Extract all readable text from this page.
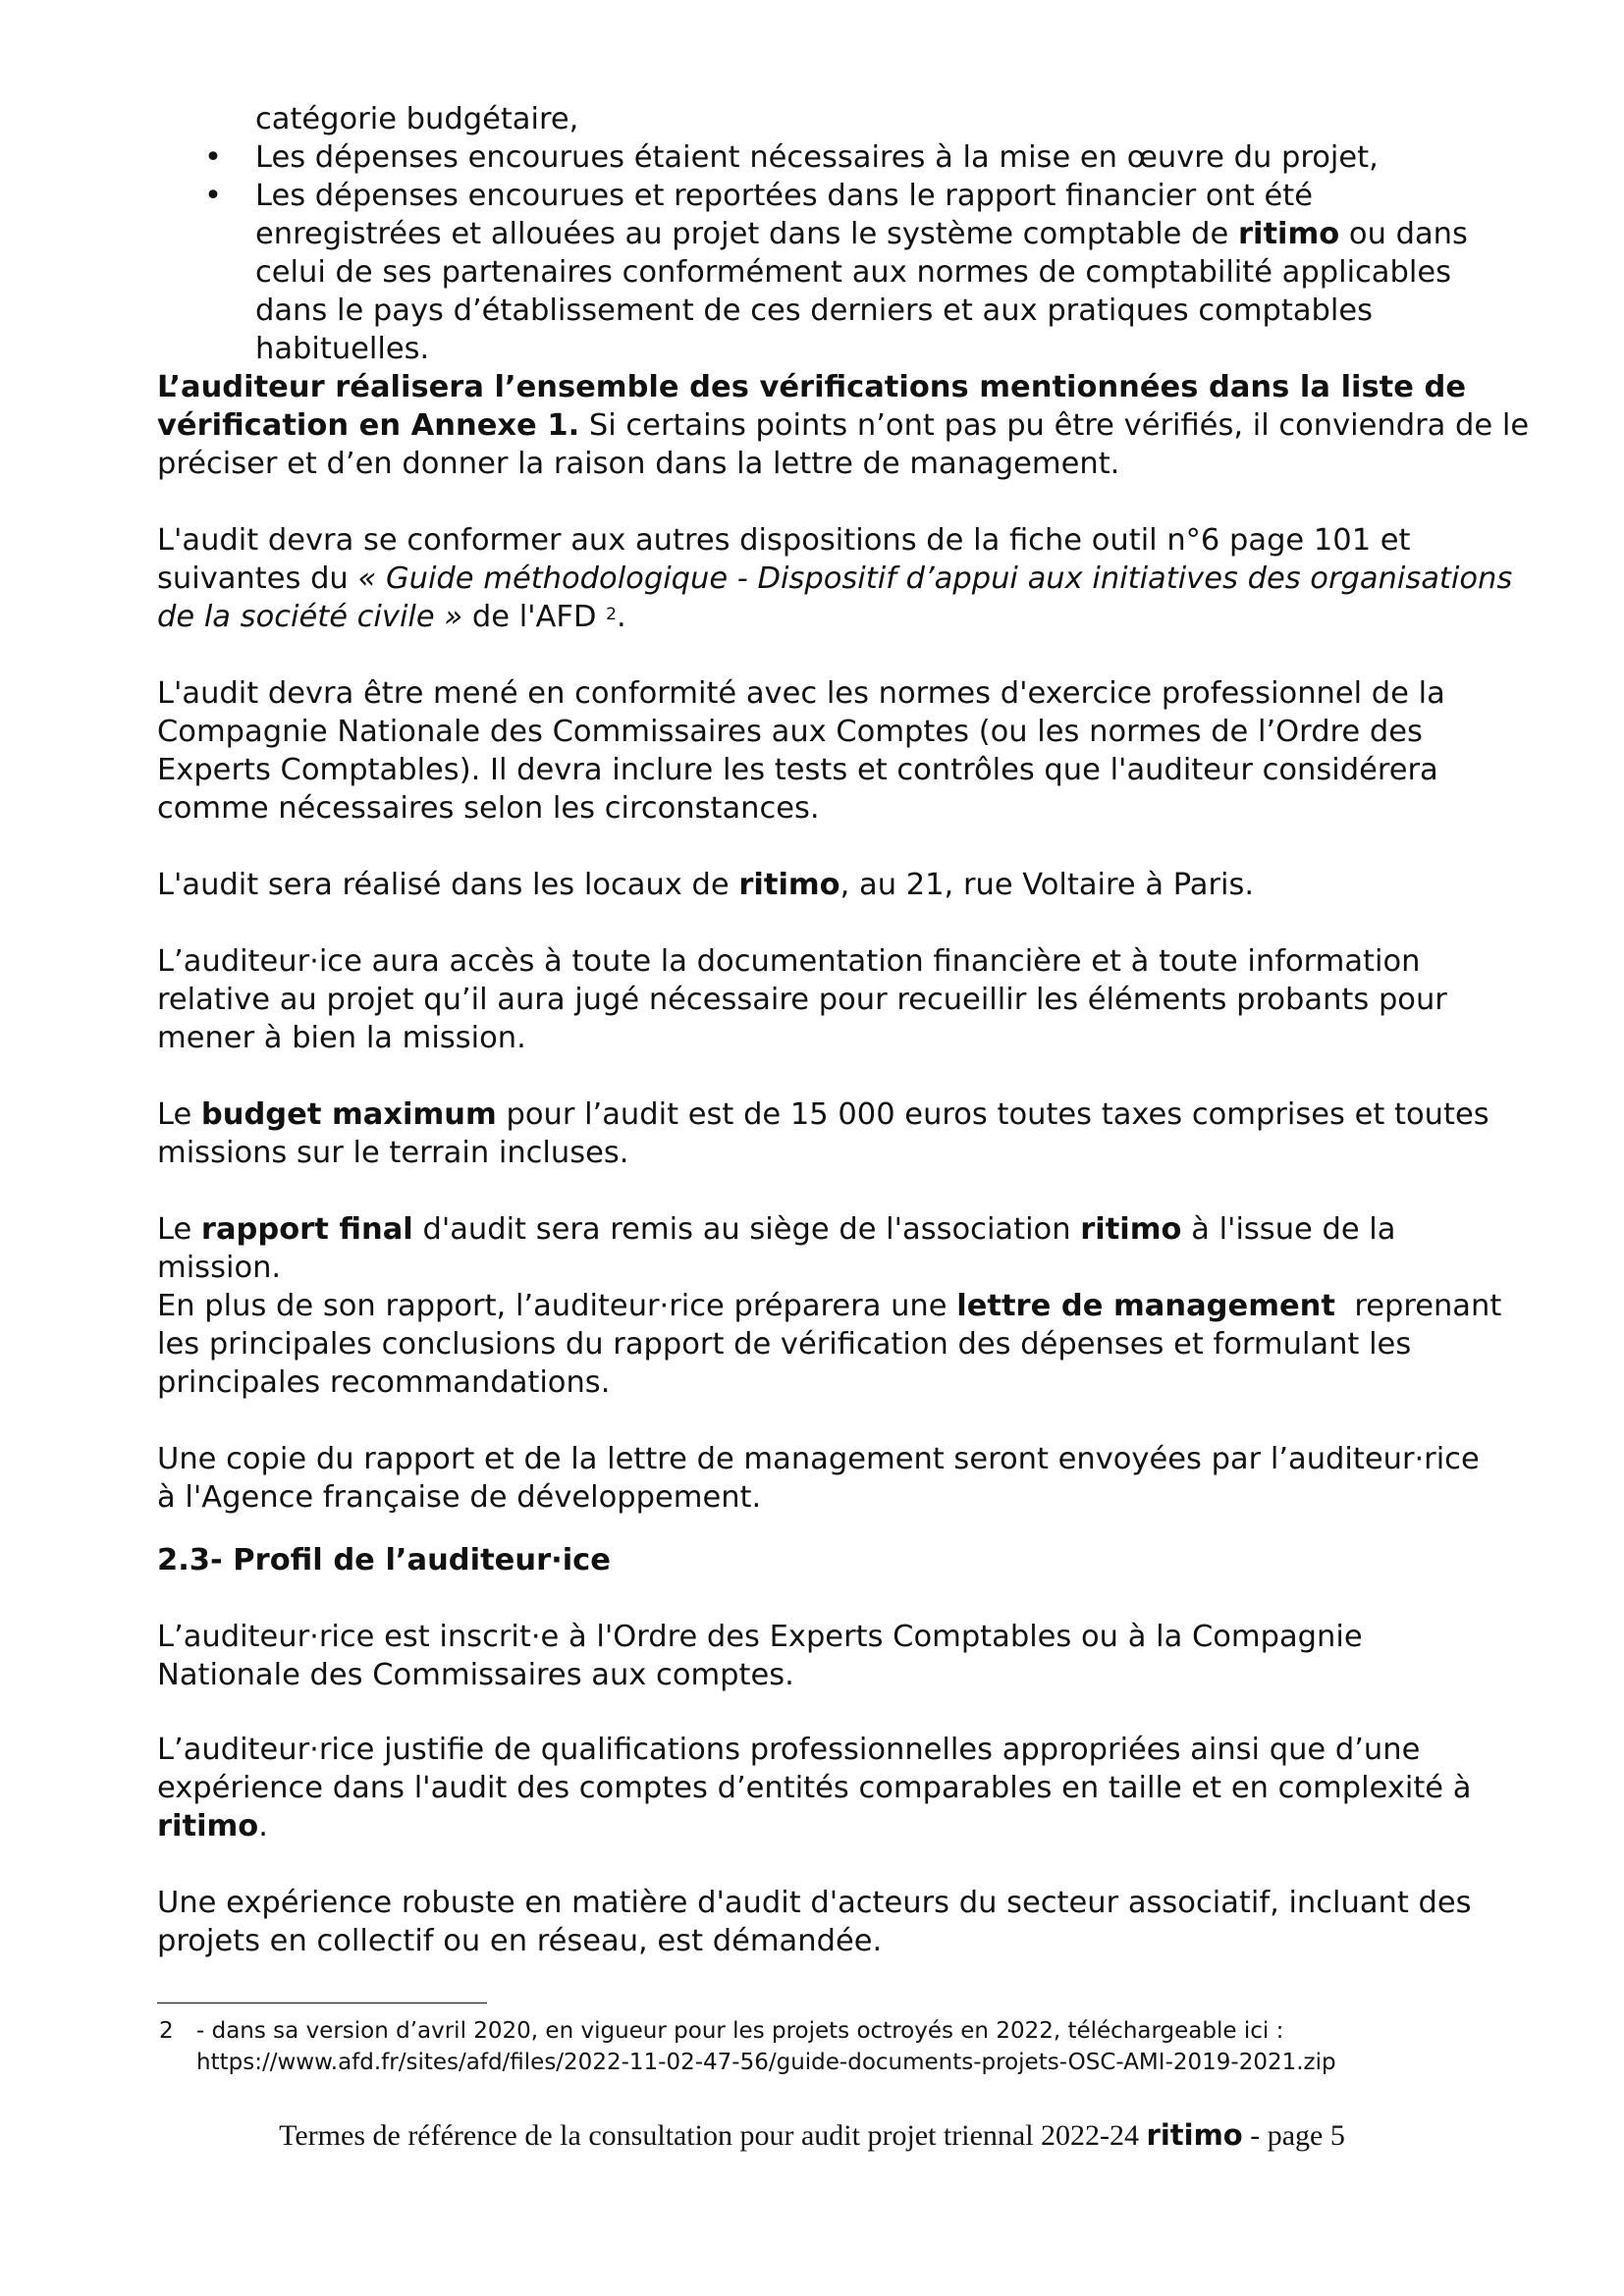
catégorie budgétaire,
• Les dépenses encourues étaient nécessaires à la mise en œuvre du projet,
• Les dépenses encourues et reportées dans le rapport financier ont été
enregistrées et allouées au projet dans le système comptable de ritimo ou dans
celui de ses partenaires conformément aux normes de comptabilité applicables
dans le pays d’établissement de ces derniers et aux pratiques comptables
habituelles.
L’auditeur réalisera l’ensemble des vérifications mentionnées dans la liste de
vérification en Annexe 1. Si certains points n’ont pas pu être vérifiés, il conviendra de le
préciser et d’en donner la raison dans la lettre de management.
L'audit devra se conformer aux autres dispositions de la fiche outil n°6 page 101 et
suivantes du « Guide méthodologique - Dispositif d’appui aux initiatives des organisations
de la société civile » de l'AFD $^2$.
L'audit devra être mené en conformité avec les normes d'exercice professionnel de la
Compagnie Nationale des Commissaires aux Comptes (ou les normes de l’Ordre des
Experts Comptables). Il devra inclure les tests et contrôles que l'auditeur considérera
comme nécessaires selon les circonstances.
L'audit sera réalisé dans les locaux de ritimo, au 21, rue Voltaire à Paris.
L’auditeur·ice aura accès à toute la documentation financière et à toute information
relative au projet qu’il aura jugé nécessaire pour recueillir les éléments probants pour
mener à bien la mission.
Le budget maximum pour l’audit est de 15 000 euros toutes taxes comprises et toutes
missions sur le terrain incluses.
Le rapport final d'audit sera remis au siège de l'association ritimo à l'issue de la
mission.
En plus de son rapport, l’auditeur·rice préparera une lettre de management  reprenant
les principales conclusions du rapport de vérification des dépenses et formulant les
principales recommandations.
Une copie du rapport et de la lettre de management seront envoyées par l’auditeur·rice
à l'Agence française de développement.
2.3- Profil de l’auditeur·ice
L’auditeur·rice est inscrit·e à l'Ordre des Experts Comptables ou à la Compagnie
Nationale des Commissaires aux comptes.
L’auditeur·rice justifie de qualifications professionnelles appropriées ainsi que d’une
expérience dans l'audit des comptes d’entités comparables en taille et en complexité à
ritimo.
Une expérience robuste en matière d'audit d'acteurs du secteur associatif, incluant des
projets en collectif ou en réseau, est démandée.
2 - dans sa version d’avril 2020, en vigueur pour les projets octroyés en 2022, téléchargeable ici :
https://www.afd.fr/sites/afd/files/2022-11-02-47-56/guide-documents-projets-OSC-AMI-2019-2021.zip
Termes de référence de la consultation pour audit projet triennal 2022-24 ritimo - page 5
